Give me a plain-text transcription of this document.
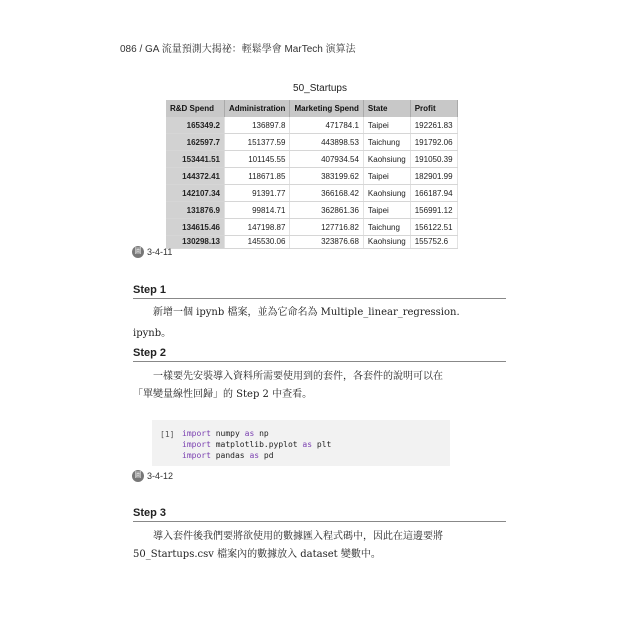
086 / GA 流量預測大揭祕：輕鬆學會 MarTech 演算法
50_Startups
R&D Spend	Administration	Marketing Spend	State	Profit
165349.2	136897.8	471784.1	Taipei	192261.83
162597.7	151377.59	443898.53	Taichung	191792.06
153441.51	101145.55	407934.54	Kaohsiung	191050.39
144372.41	118671.85	383199.62	Taipei	182901.99
142107.34	91391.77	366168.42	Kaohsiung	166187.94
131876.9	99814.71	362861.36	Taipei	156991.12
134615.46	147198.87	127716.82	Taichung	156122.51
130298.13	145530.06	323876.68	Kaohsiung	155752.6
圖 3-4-11
Step 1
新增一個 ipynb 檔案，並為它命名為 Multiple_linear_regression.
ipynb。
Step 2
一樣要先安裝導入資料所需要使用到的套件，各套件的說明可以在
「單變量線性回歸」的 Step 2 中查看。
[1] import numpy as np
import matplotlib.pyplot as plt
import pandas as pd
圖 3-4-12
Step 3
導入套件後我們要將欲使用的數據匯入程式碼中，因此在這邊要將
50_Startups.csv 檔案內的數據放入 dataset 變數中。
